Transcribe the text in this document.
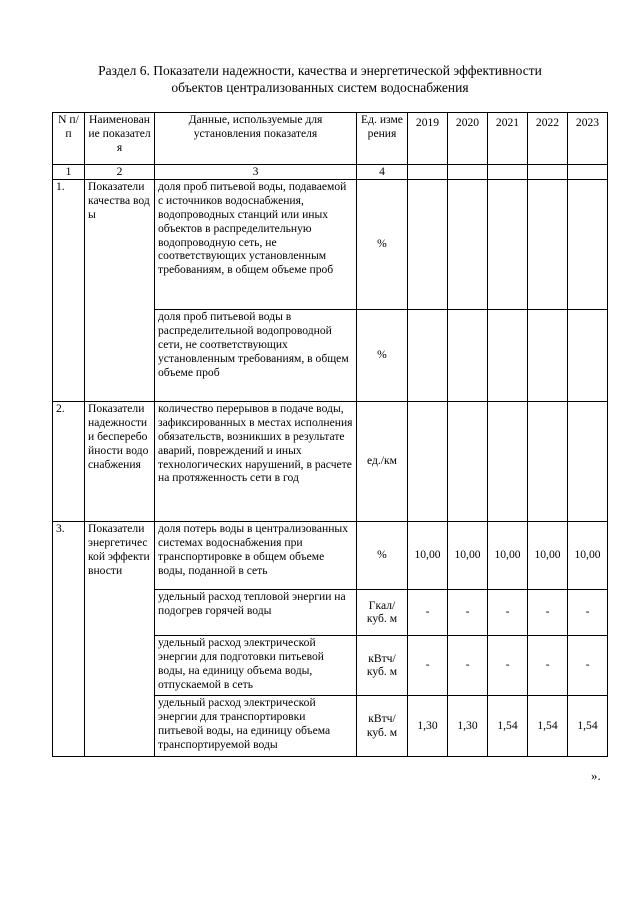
Раздел 6. Показатели надежности, качества и энергетической эффективности
объектов централизованных систем водоснабжения
N п/п	Наименование показателя	Данные, используемые для установления показателя	Ед. измерения	2019	2020	2021	2022	2023
1	2	3	4					
1.	Показатели качества воды	доля проб питьевой воды, подаваемой с источников водоснабжения, водопроводных станций или иных объектов в распределительную водопроводную сеть, не соответствующих установленным требованиям, в общем объеме проб	%					
		доля проб питьевой воды в распределительной водопроводной сети, не соответствующих установленным требованиям, в общем объеме проб	%					
2.	Показатели надежности и бесперебойности водоснабжения	количество перерывов в подаче воды, зафиксированных в местах исполнения обязательств, возникших в результате аварий, повреждений и иных технологических нарушений, в расчете на протяженность сети в год	ед./км					
3.	Показатели энергетической эффективности	доля потерь воды в централизованных системах водоснабжения при транспортировке в общем объеме воды, поданной в сеть	%	10,00	10,00	10,00	10,00	10,00
		удельный расход тепловой энергии на подогрев горячей воды	Гкал/ куб. м	-	-	-	-	-
		удельный расход электрической энергии для подготовки питьевой воды, на единицу объема воды, отпускаемой в сеть	кВтч/ куб. м	-	-	-	-	-
		удельный расход электрической энергии для транспортировки питьевой воды, на единицу объема транспортируемой воды	кВтч/ куб. м	1,30	1,30	1,54	1,54	1,54
».
